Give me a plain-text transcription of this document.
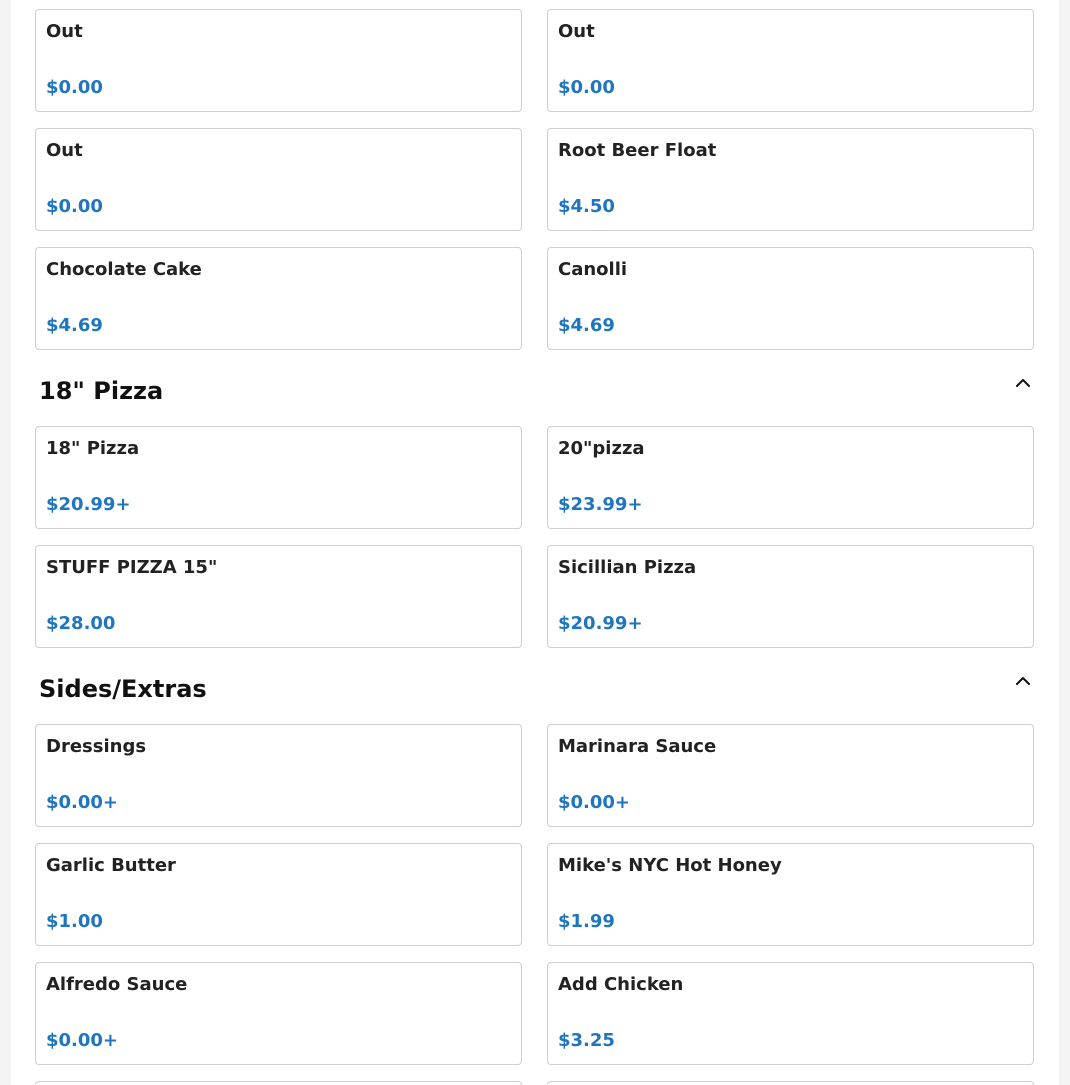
Out
$0.00
Out
$0.00
Out
$0.00
Root Beer Float
$4.50
Chocolate Cake
$4.69
Canolli
$4.69
18" Pizza
18" Pizza
$20.99+
20"pizza
$23.99+
STUFF PIZZA 15"
$28.00
Sicillian Pizza
$20.99+
Sides/Extras
Dressings
$0.00+
Marinara Sauce
$0.00+
Garlic Butter
$1.00
Mike's NYC Hot Honey
$1.99
Alfredo Sauce
$0.00+
Add Chicken
$3.25
